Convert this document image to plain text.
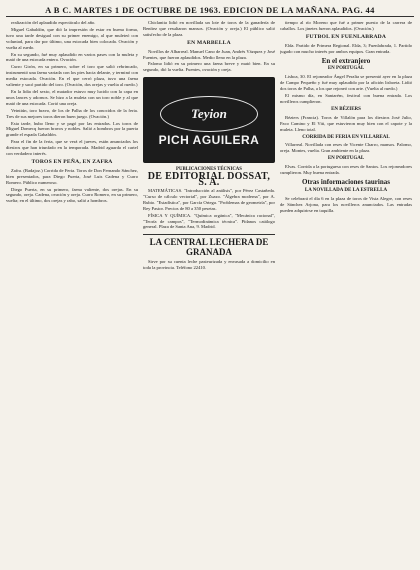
A B C. MARTES 1 DE OCTUBRE DE 1963. EDICION DE LA MAÑANA. PAG. 44

realización del aplaudido espectáculo del año.

Miguel Gabaldón, que dió la impresión de estar en buena forma, tuvo una tarde desigual con su primer enemigo, al que muleteó con voluntad, para dar por último, una estocada bien colocada. Ovación y vuelta al ruedo.

En su segundo, fué muy aplaudido en varios pases con la muleta y mató de una estocada entera. Ovación.

Curro Girón, en su primero, sobre el toro que salió rebrincado, instrumentó una faena variada con los pies hacia delante, y terminó con media estocada. Ovación. En el que cerró plaza, tuvo una faena valiente y sacó partido del toro. (Ovación, dos orejas y vuelta al ruedo.)

En la lidia del sexto, el matador estuvo muy lucido con la capa en unos lances y adornos. Se hizo a la muleta con un toro noble y al que mató de una estocada. Cortó una oreja.

Veintiún, toro bravo, de los de Palha de los conocidos de la feria. Tres de sus mejores toros dieron buen juego. (Ovación.)

Esta tarde, hubo lleno y se pagó por las entradas. Los toros de Miguel Domecq fueron bravos y nobles. Salió a hombros por la puerta grande el espada Gabaldón.

Para el fin de la feria, que se verá el jueves, están anunciados los diestros que han triunfado en la temporada. Madrid aguarda el cartel con verdadero interés.

TOROS EN PEÑA, EN ZAFRA

Zafra. (Badajoz.) Corrida de Feria. Toros de Don Fernando Sánchez, bien presentados, para Diego Puerta, José Luis Cadena y Curro Romero. Público numeroso.

Diego Puerta, en su primero, faena valiente, dos orejas. En su segundo, oreja. Cadena, ovación y oreja. Curro Romero, en su primero, vuelta; en el último, dos orejas y rabo, salió a hombros.

Chiclanita lidió en novillada un lote de toros de la ganadería de Benítez que resultaron mansos. (Ovación y oreja.) El público salió satisfecho de la plaza.

EN MARBELLA

Novillos de Albarreal. Manuel Cano de Juan, Andrés Vázquez y José Fuentes, que fueron aplaudidos. Medio lleno en la plaza.

Palomo lidió en su primero una faena breve y mató bien. En su segundo, dió la vuelta. Fuentes, ovación y oreja.

Teyion
PICH AGUILERA
PUBLICACIONES TÉCNICAS
DE EDITORIAL DOSSAT, S. A.

MATEMÁTICAS. "Introducción al análisis", por Pérez Castañeda. "Curso de cálculo vectorial", por Zuazo. "Álgebra moderna", por A. Rubio. "Estadística", por García Ortega. "Problemas de geometría", por Rey Pastor. Precios de 80 a 350 pesetas.

FÍSICA Y QUÍMICA. "Química orgánica", "Mecánica racional", "Teoría de campos", "Termodinámica técnica". Pídanos catálogo general. Plaza de Santa Ana, 9. Madrid.

LA CENTRAL LECHERA DE GRANADA

Sirve por su cuenta leche pasteurizada y envasada a domicilio en toda la provincia. Teléfono 22410.

tiempo al río Moreno que fué a primer puesto de la carrera de caballos. Los jinetes fueron aplaudidos. (Ovación.)

FUTBOL EN FUENLABRADA

Elda. Partido de Primera Regional. Elda, 3; Fuenlabrada, 1. Partido jugado con mucho interés por ambos equipos. Gran entrada.

En el extranjero
EN PORTUGAL

Lisboa, 30. El rejoneador Ángel Peralta se presentó ayer en la plaza de Campo Pequeño y fué muy aplaudido por la afición lisboeta. Lidió dos toros de Palha, a los que rejoneó con arte. (Vuelta al ruedo.)

El mismo día, en Santarém, festival con buena entrada. Los novilleros cumplieron.

EN BÉZIERS

Béziers (Francia). Toros de Villalón para los diestros José Julio, Paco Camino y El Viti, que estuvieron muy bien con el capote y la muleta. Lleno total.

CORRIDA DE FERIA EN VILLAREAL

Villarreal. Novillada con reses de Vicente Charro, mansos. Palomo, oreja. Montes, vuelta. Gran ambiente en la plaza.

EN PORTUGAL

Elvas. Corrida a la portuguesa con reses de Santos. Los rejoneadores cumplieron. Muy buena entrada.

Otras informaciones taurinas
LA NOVILLADA DE LA ESTRELLA

Se celebrará el día 6 en la plaza de toros de Vista Alegre, con reses de Sánchez Arjona, para los novilleros anunciados. Las entradas pueden adquirirse en taquilla.
